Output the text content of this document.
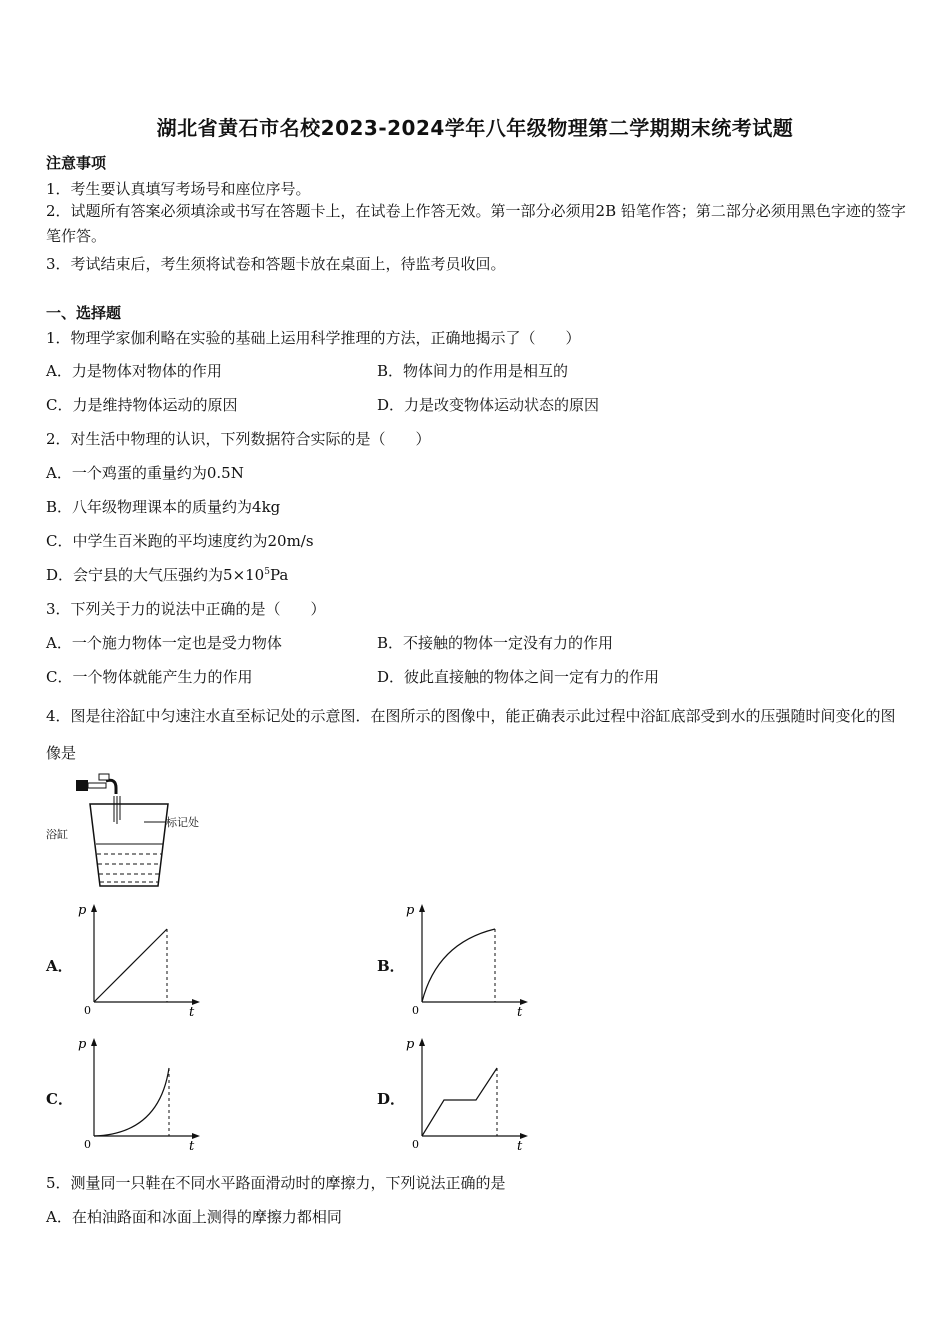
湖北省黄石市名校2023-2024学年八年级物理第二学期期末统考试题
注意事项
1．考生要认真填写考场号和座位序号。
2．试题所有答案必须填涂或书写在答题卡上，在试卷上作答无效。第一部分必须用2B 铅笔作答；第二部分必须用黑色字迹的签字笔作答。
3．考试结束后，考生须将试卷和答题卡放在桌面上，待监考员收回。
一、选择题
1．物理学家伽利略在实验的基础上运用科学推理的方法，正确地揭示了（　　）
A．力是物体对物体的作用	B．物体间力的作用是相互的
C．力是维持物体运动的原因	D．力是改变物体运动状态的原因
2．对生活中物理的认识，下列数据符合实际的是（　　）
A．一个鸡蛋的重量约为0.5N
B．八年级物理课本的质量约为4kg
C．中学生百米跑的平均速度约为20m/s
D．会宁县的大气压强约为$5\times 10^5Pa$
3．下列关于力的说法中正确的是（　　）
A．一个施力物体一定也是受力物体	B．不接触的物体一定没有力的作用
C．一个物体就能产生力的作用	D．彼此直接触的物体之间一定有力的作用
4．图是往浴缸中匀速注水直至标记处的示意图．在图所示的图像中，能正确表示此过程中浴缸底部受到水的压强随时间变化的图像是
标记处
浴缸
A．	B．
C．	D．
p
t
0
p
t
0
p
t
0
p
t
0
5．测量同一只鞋在不同水平路面滑动时的摩擦力，下列说法正确的是
A．在柏油路面和冰面上测得的摩擦力都相同
